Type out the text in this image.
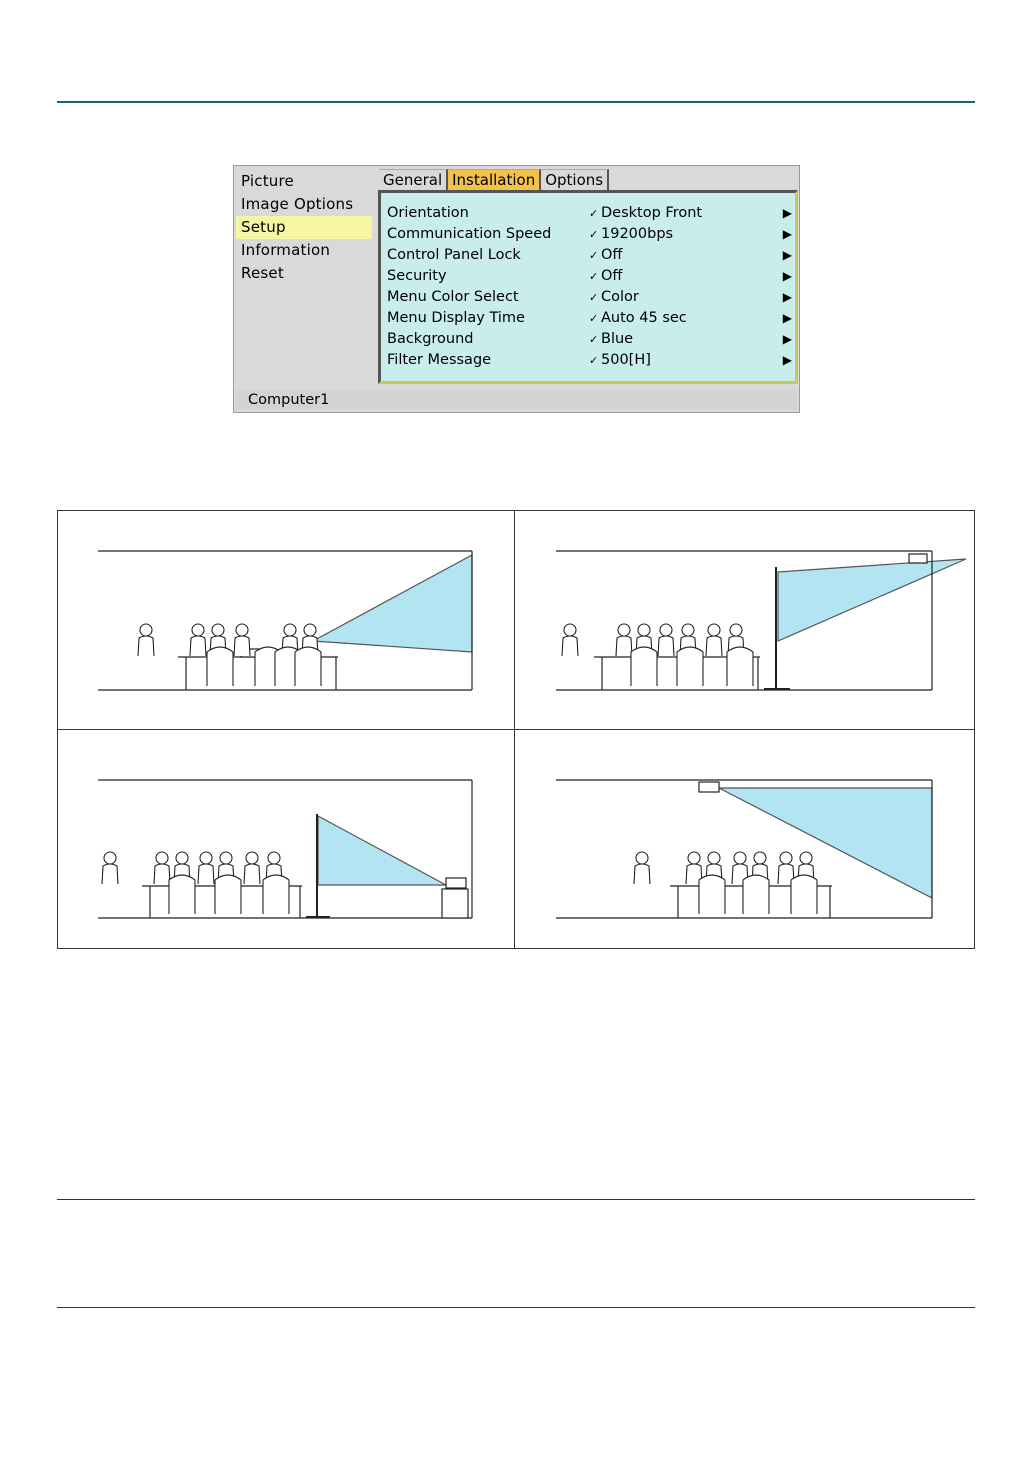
Picture
Image Options
Setup
Information
Reset
General Installation Options
Orientation	✓ Desktop Front	▶
Communication Speed	✓ 19200bps	▶
Control Panel Lock	✓ Off	▶
Security	✓ Off	▶
Menu Color Select	✓ Color	▶
Menu Display Time	✓ Auto 45 sec	▶
Background	✓ Blue	▶
Filter Message	✓ 500[H]	▶
Computer1
